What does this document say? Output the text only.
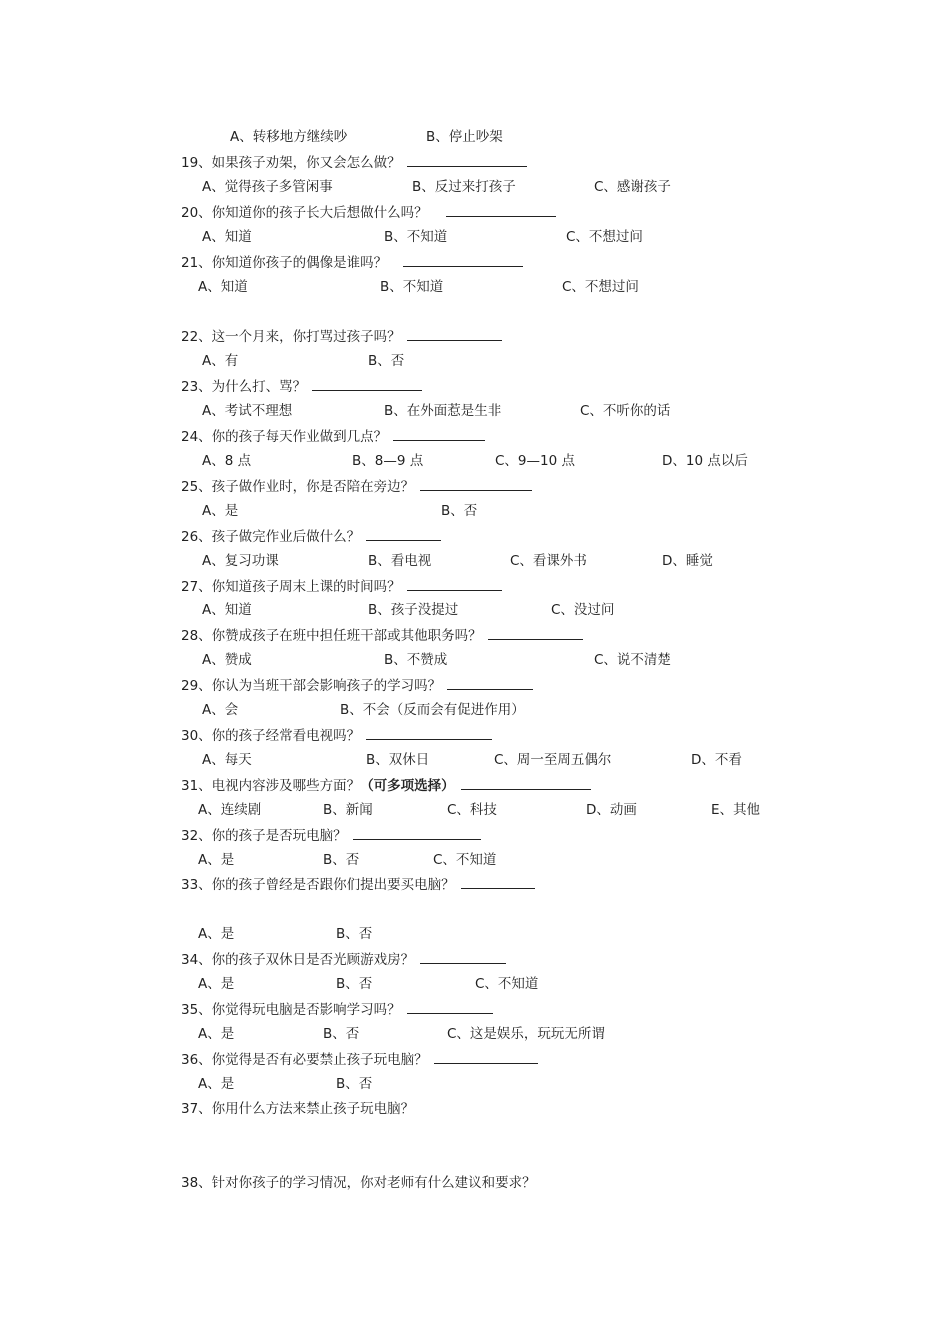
A、转移地方继续吵	B、停止吵架
19、如果孩子劝架，你又会怎么做？
A、觉得孩子多管闲事	B、反过来打孩子	C、感谢孩子
20、你知道你的孩子长大后想做什么吗？
A、知道	B、不知道	C、不想过问
21、你知道你孩子的偶像是谁吗？
A、知道	B、不知道	C、不想过问
22、这一个月来，你打骂过孩子吗？
A、有	B、否
23、为什么打、骂？
A、考试不理想	B、在外面惹是生非	C、不听你的话
24、你的孩子每天作业做到几点？
A、8 点	B、8—9 点	C、9—10 点	D、10 点以后
25、孩子做作业时，你是否陪在旁边？
A、是	B、否
26、孩子做完作业后做什么？
A、复习功课	B、看电视	C、看课外书	D、睡觉
27、你知道孩子周末上课的时间吗？
A、知道	B、孩子没提过	C、没过问
28、你赞成孩子在班中担任班干部或其他职务吗？
A、赞成	B、不赞成	C、说不清楚
29、你认为当班干部会影响孩子的学习吗？
A、会	B、不会（反而会有促进作用）
30、你的孩子经常看电视吗？
A、每天	B、双休日	C、周一至周五偶尔	D、不看
31、电视内容涉及哪些方面？ （可多项选择）
A、连续剧	B、新闻	C、科技	D、动画	E、其他
32、你的孩子是否玩电脑？
A、是	B、否	C、不知道
33、你的孩子曾经是否跟你们提出要买电脑？
A、是	B、否
34、你的孩子双休日是否光顾游戏房？
A、是	B、否	C、不知道
35、你觉得玩电脑是否影响学习吗？
A、是	B、否	C、这是娱乐，玩玩无所谓
36、你觉得是否有必要禁止孩子玩电脑？
A、是	B、否
37、你用什么方法来禁止孩子玩电脑？
38、针对你孩子的学习情况，你对老师有什么建议和要求？
